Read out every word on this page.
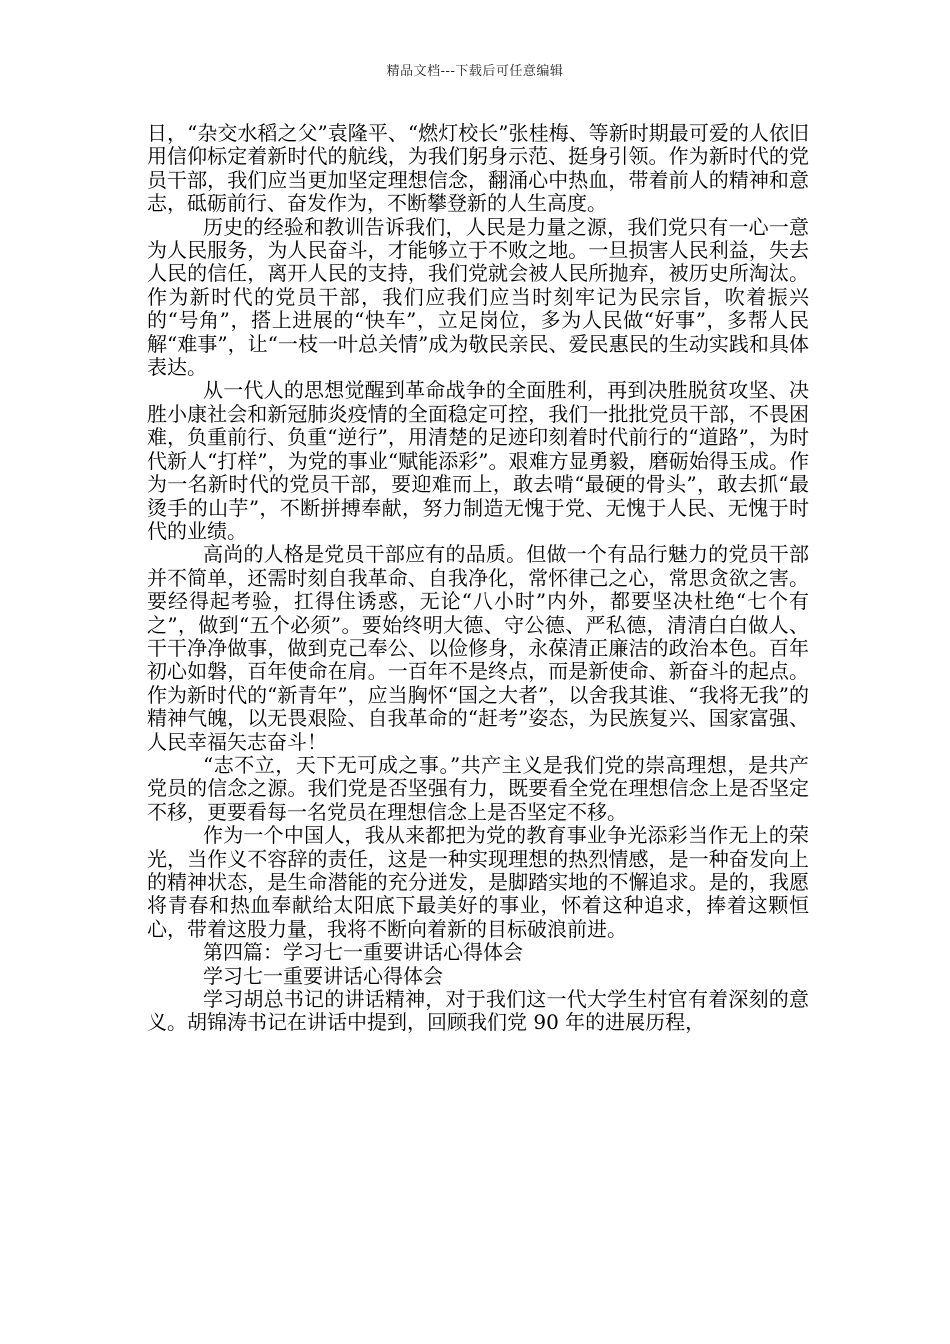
精品文档---下载后可任意编辑

日，“杂交水稻之父”袁隆平、“燃灯校长”张桂梅、等新时期最可爱的人依旧用信仰标定着新时代的航线，为我们躬身示范、挺身引领。作为新时代的党员干部，我们应当更加坚定理想信念，翻涌心中热血，带着前人的精神和意志，砥砺前行、奋发作为，不断攀登新的人生高度。

历史的经验和教训告诉我们，人民是力量之源，我们党只有一心一意为人民服务，为人民奋斗，才能够立于不败之地。一旦损害人民利益，失去人民的信任，离开人民的支持，我们党就会被人民所抛弃，被历史所淘汰。作为新时代的党员干部，我们应我们应当时刻牢记为民宗旨，吹着振兴的“号角”，搭上进展的“快车”，立足岗位，多为人民做“好事”，多帮人民解“难事”，让“一枝一叶总关情”成为敬民亲民、爱民惠民的生动实践和具体表达。

从一代人的思想觉醒到革命战争的全面胜利，再到决胜脱贫攻坚、决胜小康社会和新冠肺炎疫情的全面稳定可控，我们一批批党员干部，不畏困难，负重前行、负重“逆行”，用清楚的足迹印刻着时代前行的“道路”，为时代新人“打样”，为党的事业“赋能添彩”。艰难方显勇毅，磨砺始得玉成。作为一名新时代的党员干部，要迎难而上，敢去啃“最硬的骨头”，敢去抓“最烫手的山芋”，不断拼搏奉献，努力制造无愧于党、无愧于人民、无愧于时代的业绩。

高尚的人格是党员干部应有的品质。但做一个有品行魅力的党员干部并不简单，还需时刻自我革命、自我净化，常怀律己之心，常思贪欲之害。要经得起考验，扛得住诱惑，无论“八小时”内外，都要坚决杜绝“七个有之”，做到“五个必须”。要始终明大德、守公德、严私德，清清白白做人、干干净净做事，做到克己奉公、以俭修身，永葆清正廉洁的政治本色。百年初心如磐，百年使命在肩。一百年不是终点，而是新使命、新奋斗的起点。作为新时代的“新青年”，应当胸怀“国之大者”，以舍我其谁、“我将无我”的精神气魄，以无畏艰险、自我革命的“赶考”姿态，为民族复兴、国家富强、人民幸福矢志奋斗！

“志不立，天下无可成之事。”共产主义是我们党的崇高理想，是共产党员的信念之源。我们党是否坚强有力，既要看全党在理想信念上是否坚定不移，更要看每一名党员在理想信念上是否坚定不移。

作为一个中国人，我从来都把为党的教育事业争光添彩当作无上的荣光，当作义不容辞的责任，这是一种实现理想的热烈情感，是一种奋发向上的精神状态，是生命潜能的充分迸发，是脚踏实地的不懈追求。是的，我愿将青春和热血奉献给太阳底下最美好的事业，怀着这种追求，捧着这颗恒心，带着这股力量，我将不断向着新的目标破浪前进。

第四篇：学习七一重要讲话心得体会

学习七一重要讲话心得体会

学习胡总书记的讲话精神，对于我们这一代大学生村官有着深刻的意义。胡锦涛书记在讲话中提到，回顾我们党 90 年的进展历程，
